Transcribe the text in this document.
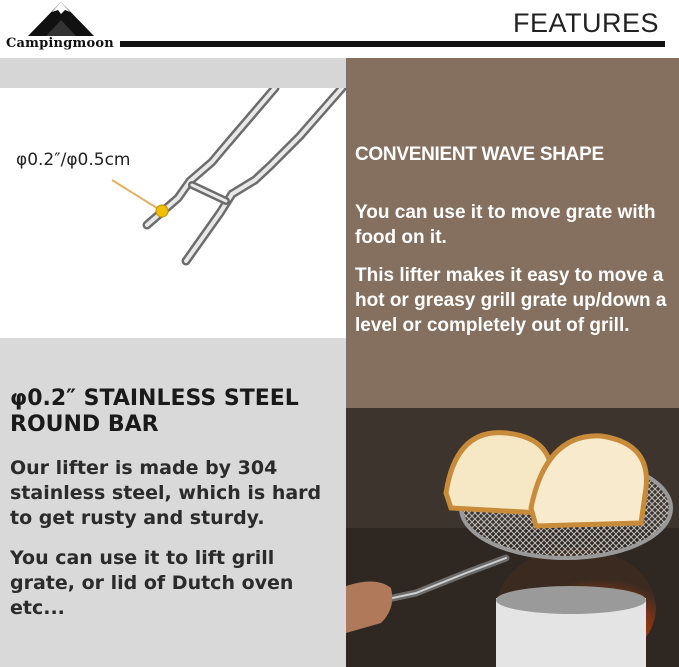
Campingmoon
FEATURES
φ0.2″/φ0.5cm
φ0.2″ STAINLESS STEEL ROUND BAR
Our lifter is made by 304 stainless steel, which is hard to get rusty and sturdy.
You can use it to lift grill grate, or lid of Dutch oven etc...
CONVENIENT WAVE SHAPE
You can use it to move grate with food on it.
This lifter makes it easy to move a hot or greasy grill grate up/down a level or completely out of grill.
